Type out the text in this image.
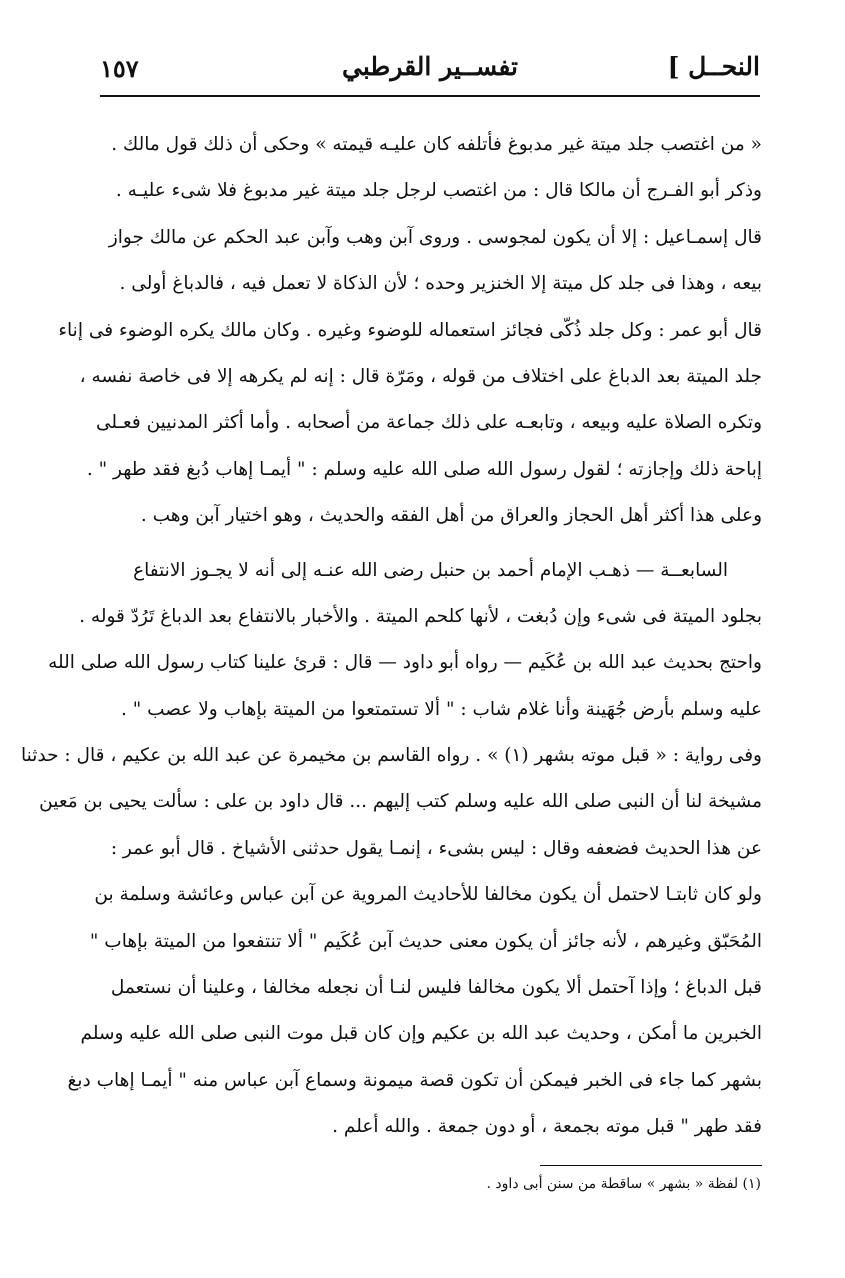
النحــل ]
تفســير القرطبي
١٥٧
« من اغتصب جلد ميتة غير مدبوغ فأتلفه كان عليـه قيمته » وحكى أن ذلك قول مالك .
وذكر أبو الفـرج أن مالكا قال : من اغتصب لرجل جلد ميتة غير مدبوغ فلا شىء عليـه .
قال إسمـاعيل : إلا أن يكون لمجوسى . وروى آبن وهب وآبن عبد الحكم عن مالك جواز
بيعه ، وهذا فى جلد كل ميتة إلا الخنزير وحده ؛ لأن الذكاة لا تعمل فيه ، فالدباغ أولى .
قال أبو عمر : وكل جلد ذُكّى فجائز استعماله للوضوء وغيره . وكان مالك يكره الوضوء فى إناء
جلد الميتة بعد الدباغ على اختلاف من قوله ، ومَرّة قال : إنه لم يكرهه إلا فى خاصة نفسه ،
وتكره الصلاة عليه وبيعه ، وتابعـه على ذلك جماعة من أصحابه . وأما أكثر المدنيين فعـلى
إباحة ذلك وإجازته ؛ لقول رسول الله صلى الله عليه وسلم : " أيمـا إهاب دُبغ فقد طهر " .
وعلى هذا أكثر أهل الحجاز والعراق من أهل الفقه والحديث ، وهو اختيار آبن وهب .
السابعــة — ذهـب الإمام أحمد بن حنبل رضى الله عنـه إلى أنه لا يجـوز الانتفاع
بجلود الميتة فى شىء وإن دُبغت ، لأنها كلحم الميتة . والأخبار بالانتفاع بعد الدباغ تَرُدّ قوله .
واحتج بحديث عبد الله بن عُكَيم — رواه أبو داود — قال : قرئ علينا كتاب رسول الله صلى الله
عليه وسلم بأرض جُهَينة وأنا غلام شاب : " ألا تستمتعوا من الميتة بإهاب ولا عصب " .
وفى رواية : « قبل موته بشهر (١) » . رواه القاسم بن مخيمرة عن عبد الله بن عكيم ، قال : حدثنا
مشيخة لنا أن النبى صلى الله عليه وسلم كتب إليهم ... قال داود بن على : سألت يحيى بن مَعين
عن هذا الحديث فضعفه وقال : ليس بشىء ، إنمـا يقول حدثنى الأشياخ . قال أبو عمر :
ولو كان ثابتـا لاحتمل أن يكون مخالفا للأحاديث المروية عن آبن عباس وعائشة وسلمة بن
المُحَبّق وغيرهم ، لأنه جائز أن يكون معنى حديث آبن عُكَيم " ألا تنتفعوا من الميتة بإهاب "
قبل الدباغ ؛ وإذا آحتمل ألا يكون مخالفا فليس لنـا أن نجعله مخالفا ، وعلينا أن نستعمل
الخبرين ما أمكن ، وحديث عبد الله بن عكيم وإن كان قبل موت النبى صلى الله عليه وسلم
بشهر كما جاء فى الخبر فيمكن أن تكون قصة ميمونة وسماع آبن عباس منه " أيمـا إهاب دبغ
فقد طهر " قبل موته بجمعة ، أو دون جمعة . والله أعلم .
(١) لفظة « بشهر » ساقطة من سنن أبى داود .
